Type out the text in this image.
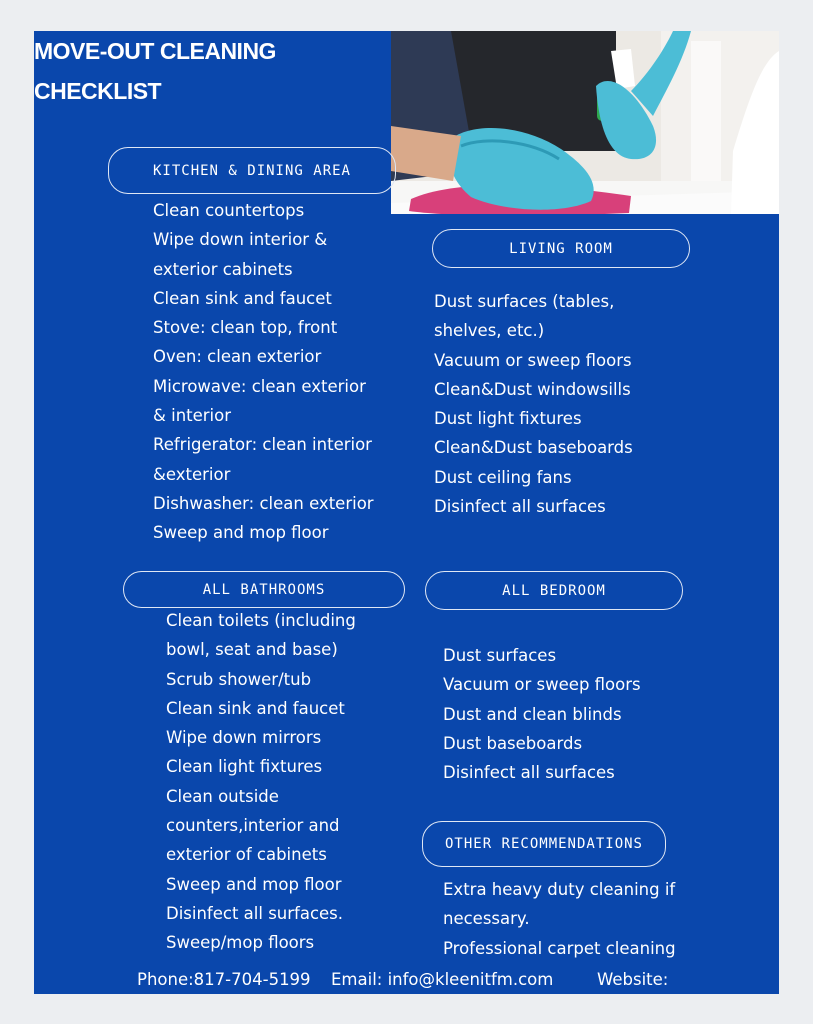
MOVE-OUT CLEANING
CHECKLIST
KITCHEN & DINING AREA
Clean countertops
Wipe down interior &
exterior cabinets
Clean sink and faucet
Stove: clean top, front
Oven: clean exterior
Microwave: clean exterior
& interior
Refrigerator: clean interior
&exterior
Dishwasher: clean exterior
Sweep and mop floor
LIVING ROOM
Dust surfaces (tables,
shelves, etc.)
Vacuum or sweep floors
Clean&Dust windowsills
Dust light fixtures
Clean&Dust baseboards
Dust ceiling fans
Disinfect all surfaces
ALL BATHROOMS
Clean toilets (including
bowl, seat and base)
Scrub shower/tub
Clean sink and faucet
Wipe down mirrors
Clean light fixtures
Clean outside
counters,interior and
exterior of cabinets
Sweep and mop floor
Disinfect all surfaces.
Sweep/mop floors
ALL BEDROOM
Dust surfaces
Vacuum or sweep floors
Dust and clean blinds
Dust baseboards
Disinfect all surfaces
OTHER RECOMMENDATIONS
Extra heavy duty cleaning if
necessary.
Professional carpet cleaning
Phone:817-704-5199 Email: info@kleenitfm.com	Website:
